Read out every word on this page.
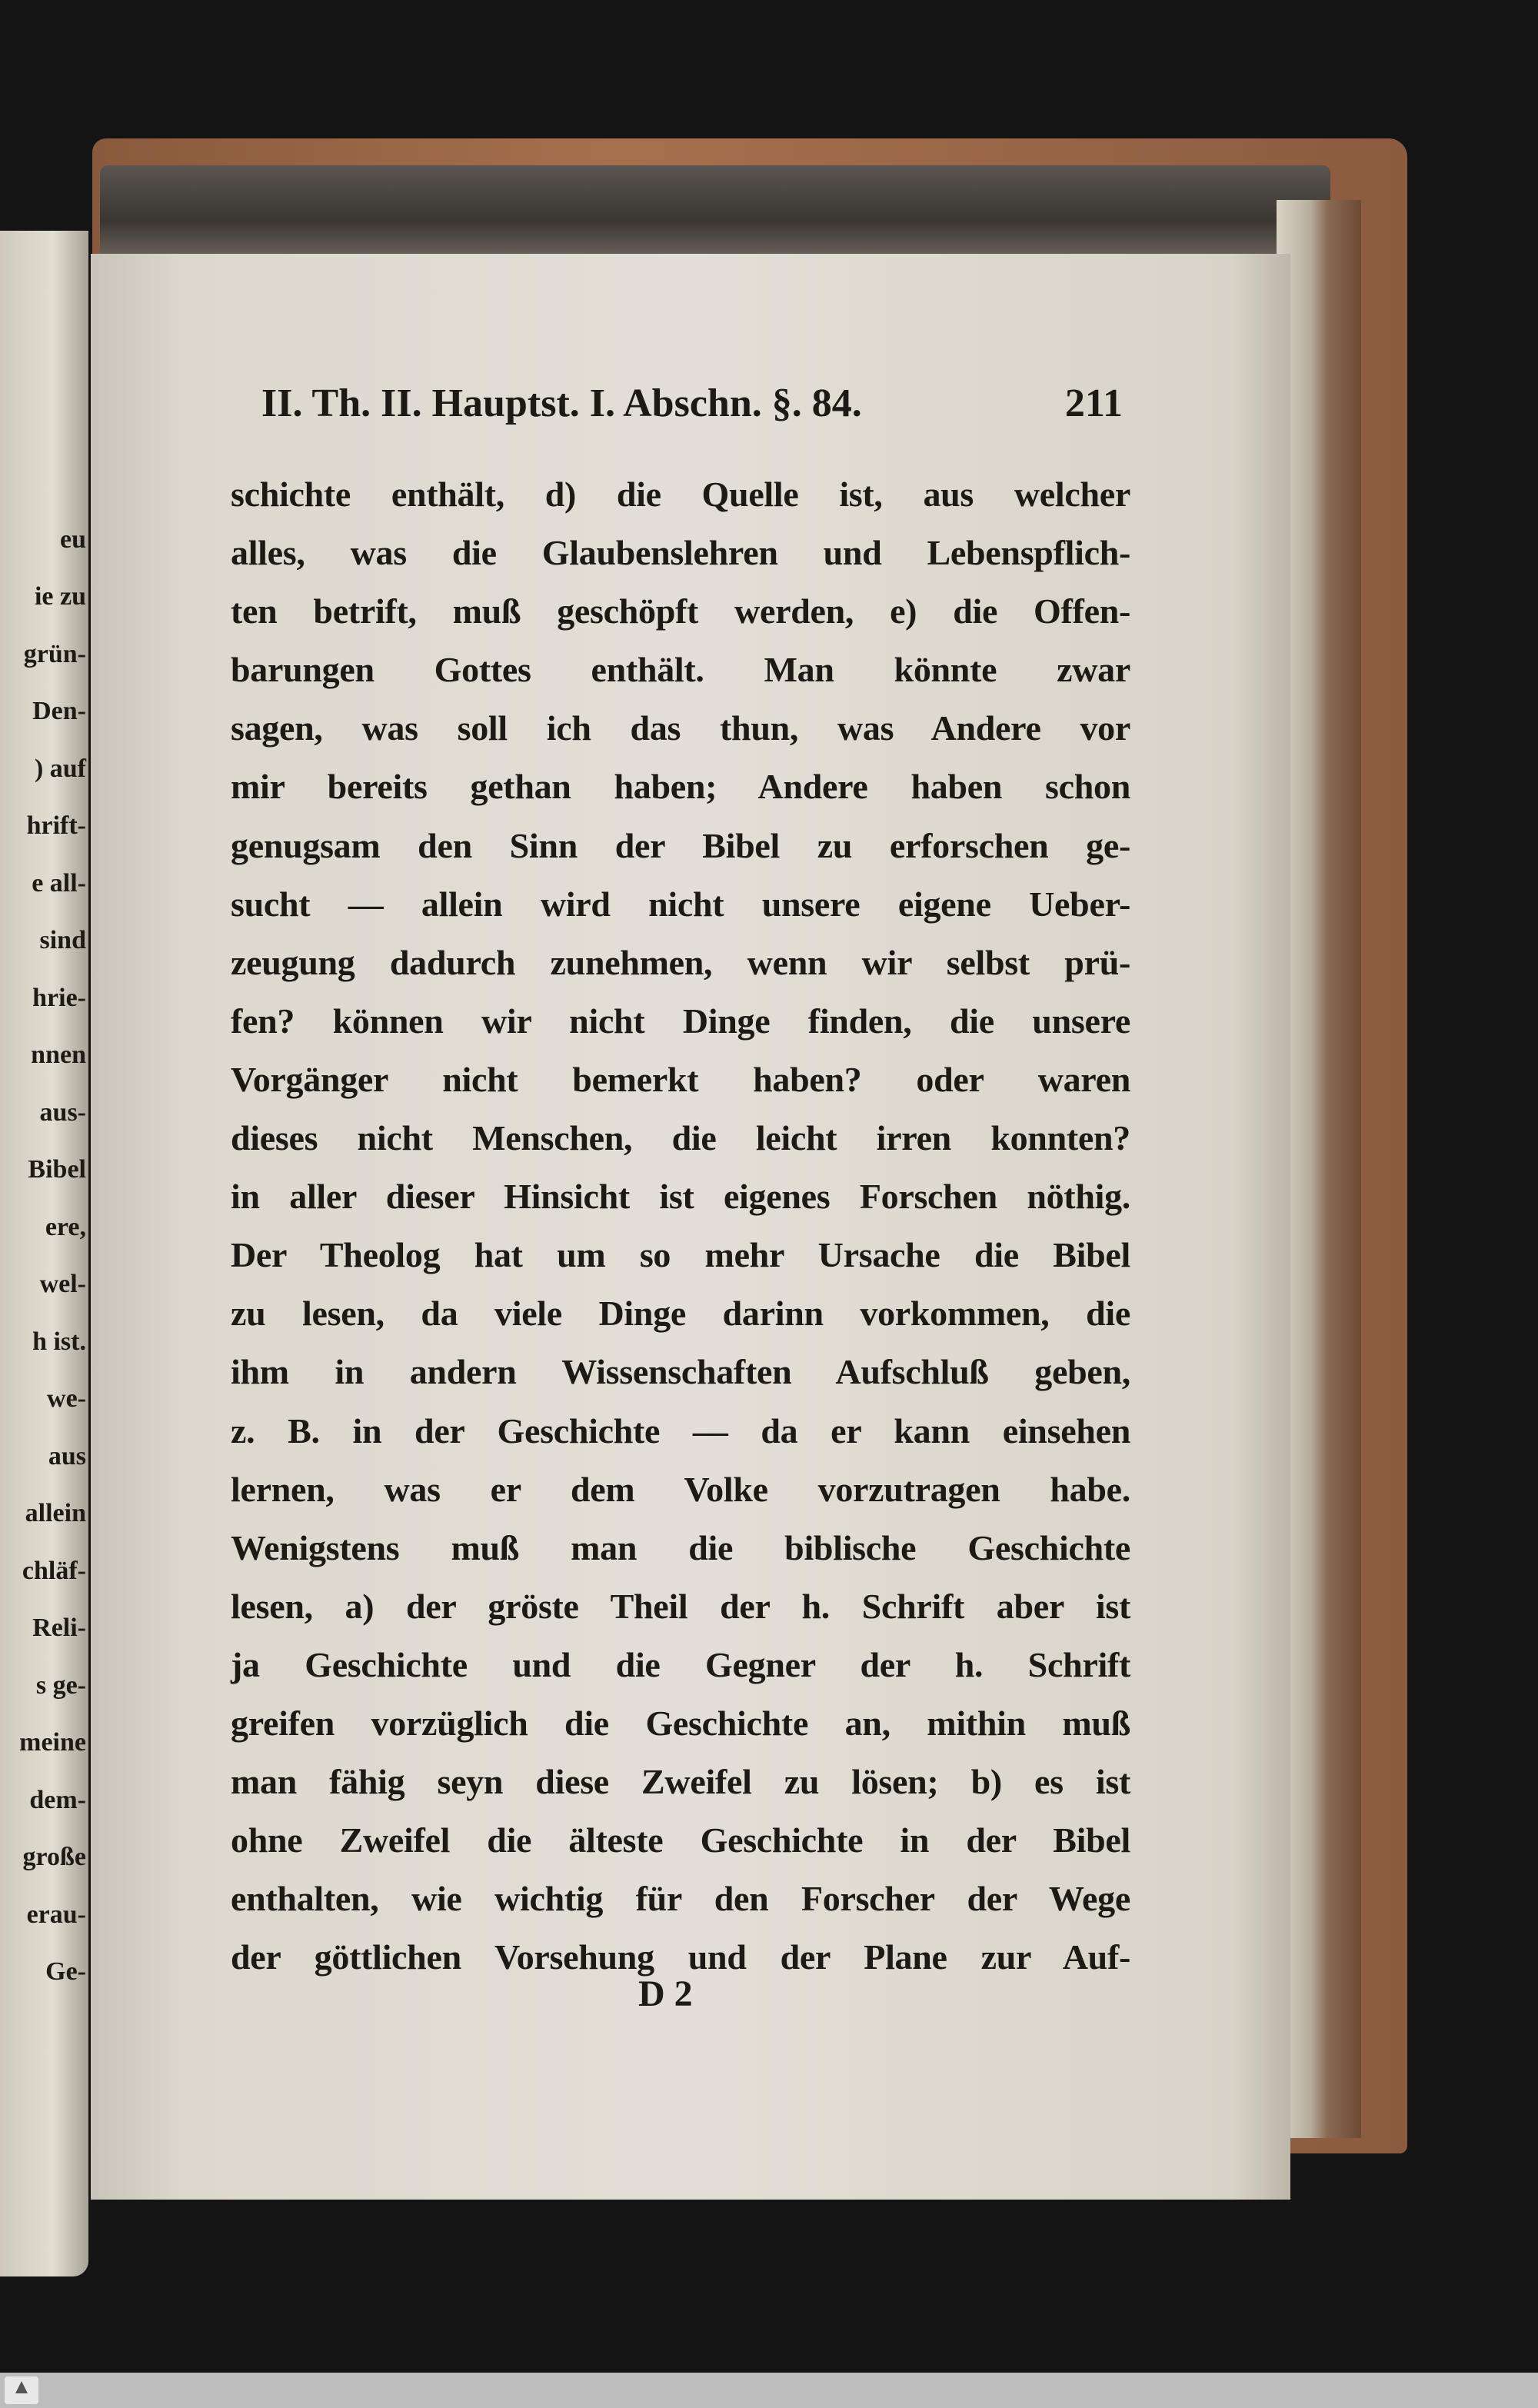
eu
ie zu
grün-
Den-
) auf
hrift-
e all-
sind
hrie-
nnen
aus-
Bibel
ere,
wel-
h ist.
we-
aus
allein
chläf-
Reli-
s ge-
meine
dem-
große
erau-
Ge-
II. Th. II. Hauptst. I. Abschn. §. 84.	211
schichte enthält, d) die Quelle ist, aus welcher
alles, was die Glaubenslehren und Lebenspflich-
ten betrift, muß geschöpft werden, e) die Offen-
barungen Gottes enthält. Man könnte zwar
sagen, was soll ich das thun, was Andere vor
mir bereits gethan haben; Andere haben schon
genugsam den Sinn der Bibel zu erforschen ge-
sucht — allein wird nicht unsere eigene Ueber-
zeugung dadurch zunehmen, wenn wir selbst prü-
fen? können wir nicht Dinge finden, die unsere
Vorgänger nicht bemerkt haben? oder waren
dieses nicht Menschen, die leicht irren konnten?
in aller dieser Hinsicht ist eigenes Forschen nöthig.
Der Theolog hat um so mehr Ursache die Bibel
zu lesen, da viele Dinge darinn vorkommen, die
ihm in andern Wissenschaften Aufschluß geben,
z. B. in der Geschichte — da er kann einsehen
lernen, was er dem Volke vorzutragen habe.
Wenigstens muß man die biblische Geschichte
lesen, a) der gröste Theil der h. Schrift aber ist
ja Geschichte und die Gegner der h. Schrift
greifen vorzüglich die Geschichte an, mithin muß
man fähig seyn diese Zweifel zu lösen; b) es ist
ohne Zweifel die älteste Geschichte in der Bibel
enthalten, wie wichtig für den Forscher der Wege
der göttlichen Vorsehung und der Plane zur Auf-
D 2
